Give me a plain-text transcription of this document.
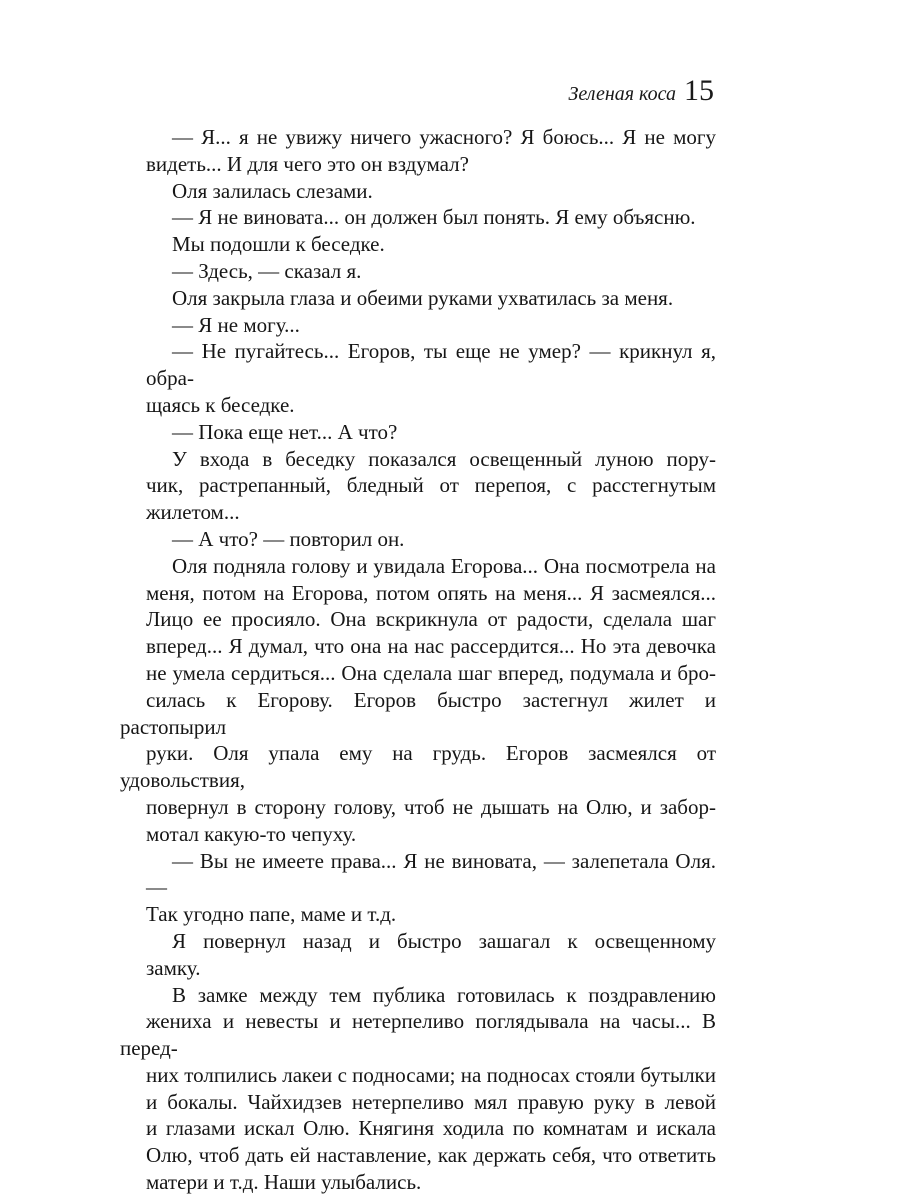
Зеленая коса 15

— Я... я не увижу ничего ужасного? Я боюсь... Я не могу
видеть... И для чего это он вздумал?

Оля залилась слезами.

— Я не виновата... он должен был понять. Я ему объясню.

Мы подошли к беседке.

— Здесь, — сказал я.

Оля закрыла глаза и обеими руками ухватилась за меня.

— Я не могу...

— Не пугайтесь... Егоров, ты еще не умер? — крикнул я, обра-
щаясь к беседке.

— Пока еще нет... А что?

У входа в беседку показался освещенный луною пору-
чик, растрепанный, бледный от перепоя, с расстегнутым
жилетом...

— А что? — повторил он.

Оля подняла голову и увидала Егорова... Она посмотрела на
меня, потом на Егорова, потом опять на меня... Я засмеялся...
Лицо ее просияло. Она вскрикнула от радости, сделала шаг
вперед... Я думал, что она на нас рассердится... Но эта девочка
не умела сердиться... Она сделала шаг вперед, подумала и бро-
силась к Егорову. Егоров быстро застегнул жилет и растопырил
руки. Оля упала ему на грудь. Егоров засмеялся от удовольствия,
повернул в сторону голову, чтоб не дышать на Олю, и забор-
мотал какую-то чепуху.

— Вы не имеете права... Я не виновата, — залепетала Оля. —
Так угодно папе, маме и т.д.

Я повернул назад и быстро зашагал к освещенному
замку.

В замке между тем публика готовилась к поздравлению
жениха и невесты и нетерпеливо поглядывала на часы... В перед-
них толпились лакеи с подносами; на подносах стояли бутылки
и бокалы. Чайхидзев нетерпеливо мял правую руку в левой
и глазами искал Олю. Княгиня ходила по комнатам и искала
Олю, чтоб дать ей наставление, как держать себя, что ответить
матери и т.д. Наши улыбались.
